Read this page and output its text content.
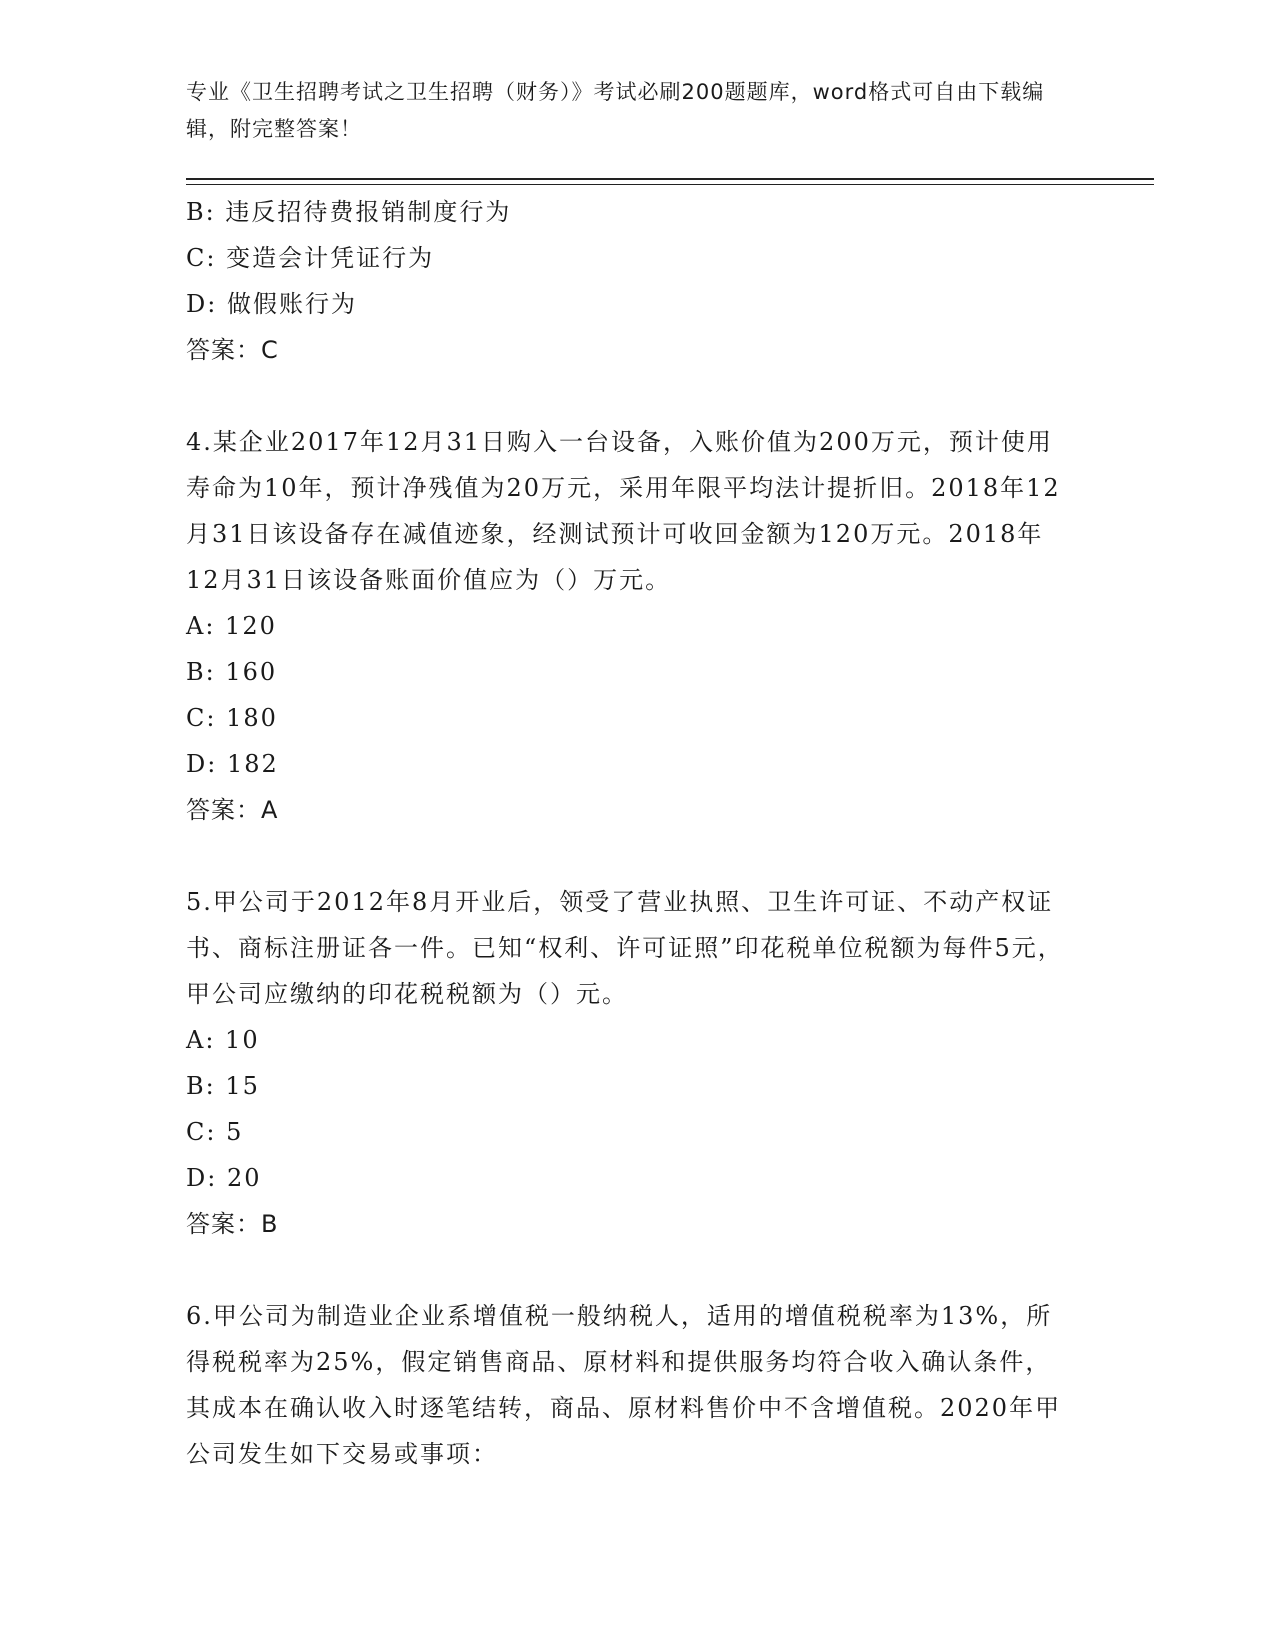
专业《卫生招聘考试之卫生招聘（财务）》考试必刷200题题库，word格式可自由下载编辑，附完整答案！
B: 违反招待费报销制度行为
C: 变造会计凭证行为
D: 做假账行为
答案：C
4.某企业2017年12月31日购入一台设备，入账价值为200万元，预计使用寿命为10年，预计净残值为20万元，采用年限平均法计提折旧。2018年12月31日该设备存在减值迹象，经测试预计可收回金额为120万元。2018年12月31日该设备账面价值应为（）万元。
A: 120
B: 160
C: 180
D: 182
答案：A
5.甲公司于2012年8月开业后，领受了营业执照、卫生许可证、不动产权证书、商标注册证各一件。已知“权利、许可证照”印花税单位税额为每件5元，甲公司应缴纳的印花税税额为（）元。
A: 10
B: 15
C: 5
D: 20
答案：B
6.甲公司为制造业企业系增值税一般纳税人，适用的增值税税率为13%，所得税税率为25%，假定销售商品、原材料和提供服务均符合收入确认条件，其成本在确认收入时逐笔结转，商品、原材料售价中不含增值税。2020年甲公司发生如下交易或事项：
